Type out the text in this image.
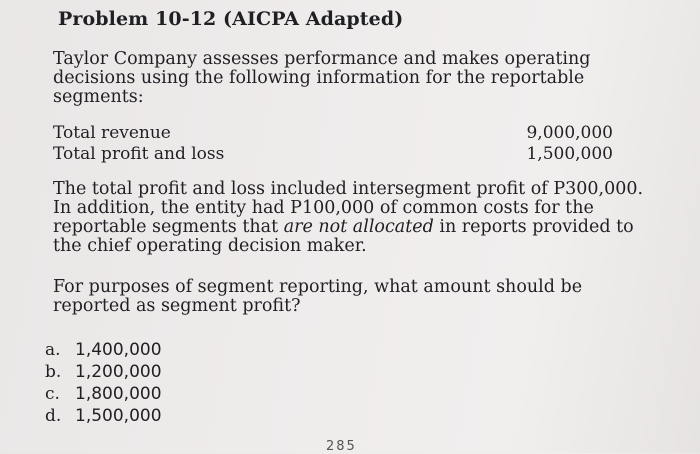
Problem 10-12 (AICPA Adapted)
Taylor Company assesses performance and makes operating decisions using the following information for the reportable segments:
Total revenue	9,000,000
Total profit and loss	1,500,000
The total profit and loss included intersegment profit of P300,000. In addition, the entity had P100,000 of common costs for the reportable segments that are not allocated in reports provided to the chief operating decision maker.
For purposes of segment reporting, what amount should be reported as segment profit?
a. 1,400,000
b. 1,200,000
c. 1,800,000
d. 1,500,000
285
